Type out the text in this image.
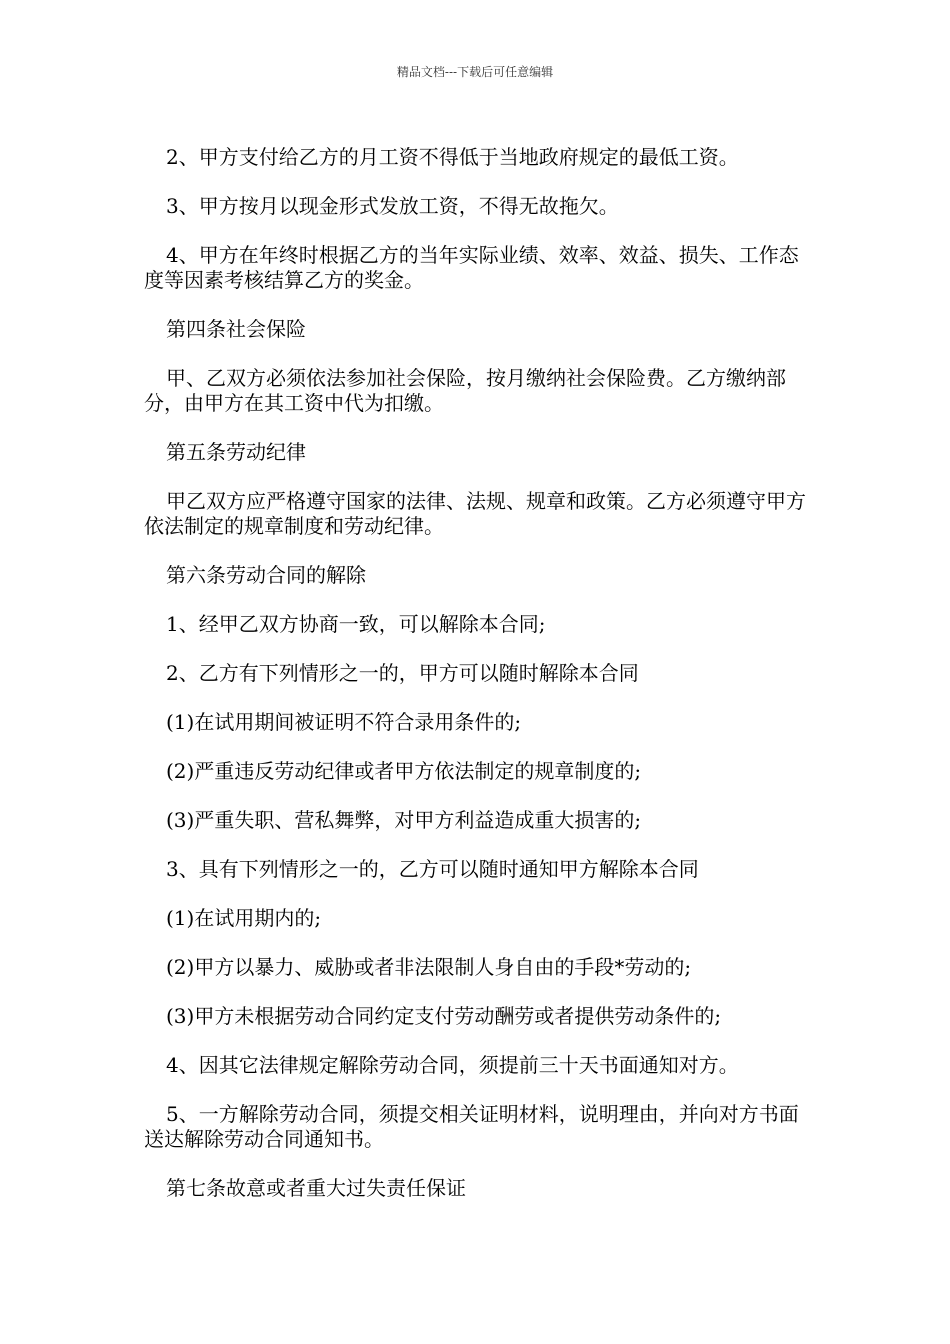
精品文档---下载后可任意编辑

2、甲方支付给乙方的月工资不得低于当地政府规定的最低工资。

3、甲方按月以现金形式发放工资，不得无故拖欠。

4、甲方在年终时根据乙方的当年实际业绩、效率、效益、损失、工作态度等因素考核结算乙方的奖金。

第四条社会保险

甲、乙双方必须依法参加社会保险，按月缴纳社会保险费。乙方缴纳部分，由甲方在其工资中代为扣缴。

第五条劳动纪律

甲乙双方应严格遵守国家的法律、法规、规章和政策。乙方必须遵守甲方依法制定的规章制度和劳动纪律。

第六条劳动合同的解除

1、经甲乙双方协商一致，可以解除本合同;

2、乙方有下列情形之一的，甲方可以随时解除本合同

(1)在试用期间被证明不符合录用条件的;

(2)严重违反劳动纪律或者甲方依法制定的规章制度的;

(3)严重失职、营私舞弊，对甲方利益造成重大损害的;

3、具有下列情形之一的，乙方可以随时通知甲方解除本合同

(1)在试用期内的;

(2)甲方以暴力、威胁或者非法限制人身自由的手段*劳动的;

(3)甲方未根据劳动合同约定支付劳动酬劳或者提供劳动条件的;

4、因其它法律规定解除劳动合同，须提前三十天书面通知对方。

5、一方解除劳动合同，须提交相关证明材料，说明理由，并向对方书面送达解除劳动合同通知书。

第七条故意或者重大过失责任保证
